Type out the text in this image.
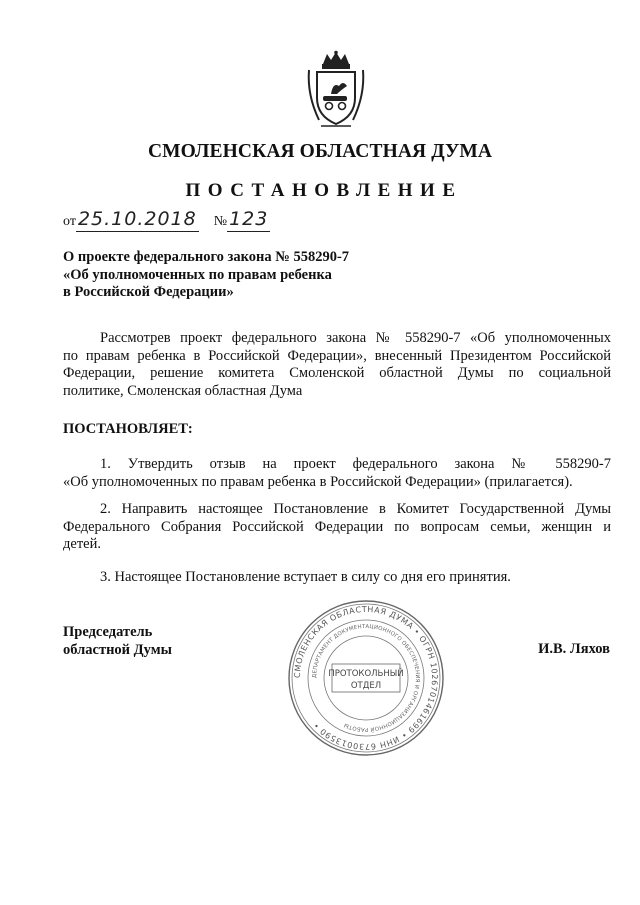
СМОЛЕНСКАЯ ОБЛАСТНАЯ ДУМА
ПОСТАНОВЛЕНИЕ
от 25.10.2018 № 123
О проекте федерального закона № 558290-7
«Об уполномоченных по правам ребенка
в Российской Федерации»
Рассмотрев проект федерального закона № 558290-7 «Об уполномоченных
по правам ребенка в Российской Федерации», внесенный Президентом Российской
Федерации, решение комитета Смоленской областной Думы по социальной
политике, Смоленская областная Дума
ПОСТАНОВЛЯЕТ:
1. Утвердить отзыв на проект федерального закона № 558290-7
«Об уполномоченных по правам ребенка в Российской Федерации» (прилагается).
2. Направить настоящее Постановление в Комитет Государственной Думы
Федерального Собрания Российской Федерации по вопросам семьи, женщин и
детей.
3. Настоящее Постановление вступает в силу со дня его принятия.
Председатель
областной Думы	И.В. Ляхов
СМОЛЕНСКАЯ ОБЛАСТНАЯ ДУМА • ОГРН 1026701461699 • ИНН 6730013590 •
ДЕПАРТАМЕНТ ДОКУМЕНТАЦИОННОГО ОБЕСПЕЧЕНИЯ И ОРГАНИЗАЦИОННОЙ РАБОТЫ
ПРОТОКОЛЬНЫЙ
ОТДЕЛ
